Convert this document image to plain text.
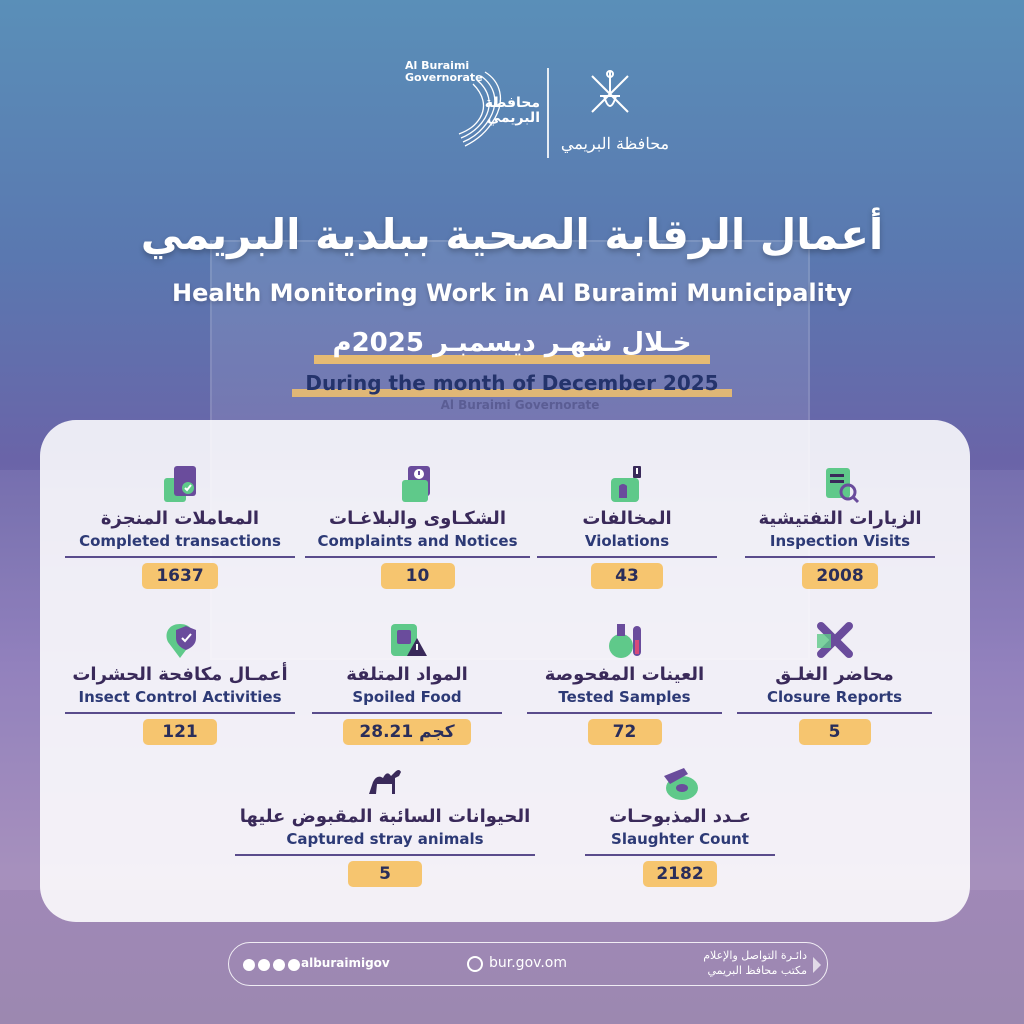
Al Buraimi Governorate
Al Buraimi
Governorate
محافظة
البريمي
محافظة البريمي
أعمال الرقابة الصحية ببلدية البريمي
Health Monitoring Work in Al Buraimi Municipality
خـلال شهـر ديسمبـر 2025م
During the month of December 2025
الزيارات التفتيشية
Inspection Visits
2008
المخالفات
Violations
43
الشكـاوى والبلاغـات
Complaints and Notices
10
المعاملات المنجزة
Completed transactions
1637
محاضر الغلـق
Closure Reports
5
العينات المفحوصة
Tested Samples
72
المواد المتلفة
Spoiled Food
28.21 كجم
أعمـال مكافحة الحشرات
Insect Control Activities
121
عـدد المذبوحـات
Slaughter Count
2182
الحيوانات السائبة المقبوض عليها
Captured stray animals
5
alburaimigov	bur.gov.om	دائـرة التواصل والإعلام
مكتب محافظ البريمي
